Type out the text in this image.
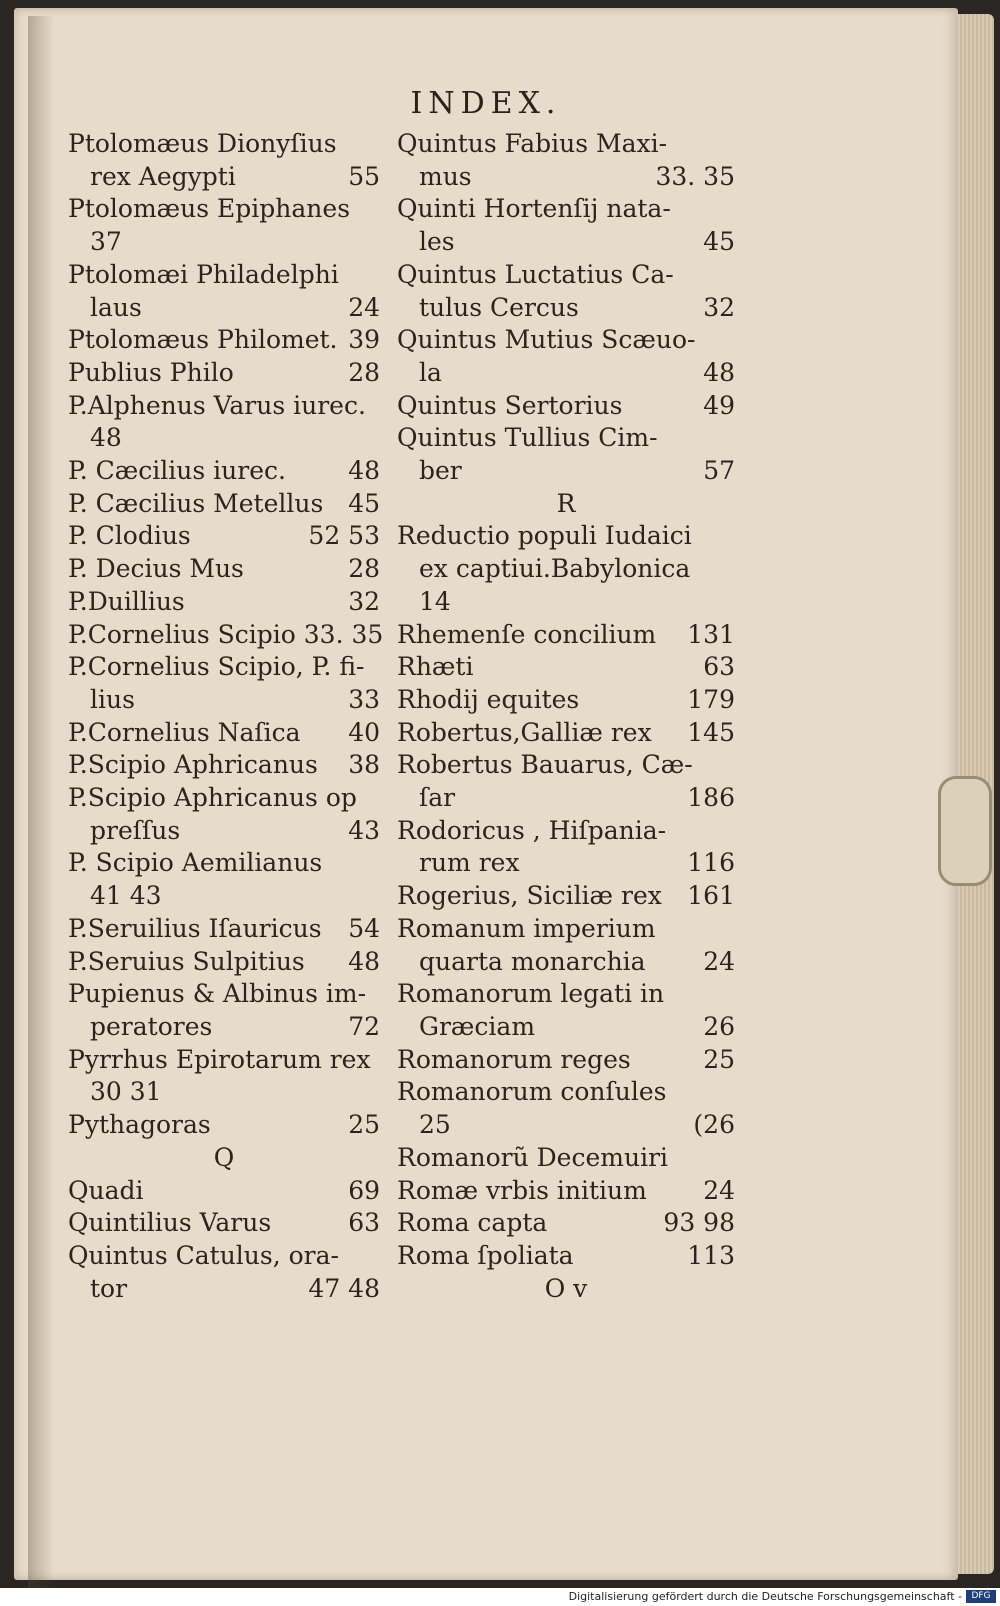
INDEX.
Ptolomæus Dionyſius
rex Aegypti	55
Ptolomæus Epiphanes
37
Ptolomæi Philadelphi
laus	24
Ptolomæus Philomet. 39
Publius Philo	28
P.Alphenus Varus iurec.
48
P. Cæcilius iurec.	48
P. Cæcilius Metellus 45
P. Clodius	52 53
P. Decius Mus	28
P.Duillius	32
P.Cornelius Scipio 33. 35
P.Cornelius Scipio, P. fi-
lius	33
P.Cornelius Naſica	40
P.Scipio Aphricanus	38
P.Scipio Aphricanus op
preſſus	43
P. Scipio Aemilianus
41 43
P.Seruilius Iſauricus	54
P.Seruius Sulpitius	48
Pupienus & Albinus im-
peratores	72
Pyrrhus Epirotarum rex
30 31
Pythagoras	25
Q
Quadi	69
Quintilius Varus	63
Quintus Catulus, ora-
tor	47 48
Quintus Fabius Maxi-
mus	33. 35
Quinti Hortenſij nata-
les	45
Quintus Luctatius Ca-
tulus Cercus	32
Quintus Mutius Scæuo-
la	48
Quintus Sertorius	49
Quintus Tullius Cim-
ber	57
R
Reductio populi Iudaici
ex captiui.Babylonica
14
Rhemenſe concilium	131
Rhæti	63
Rhodij equites	179
Robertus,Galliæ rex	145
Robertus Bauarus, Cæ-
ſar	186
Rodoricus , Hiſpania-
rum rex	116
Rogerius, Siciliæ rex	161
Romanum imperium
quarta monarchia	24
Romanorum legati in
Græciam	26
Romanorum reges	25
Romanorum conſules
25	(26
Romanorũ Decemuiri
Romæ vrbis initium	24
Roma capta	93 98
Roma ſpoliata	113
O v
Digitalisierung gefördert durch die Deutsche Forschungsgemeinschaft -	DFG
